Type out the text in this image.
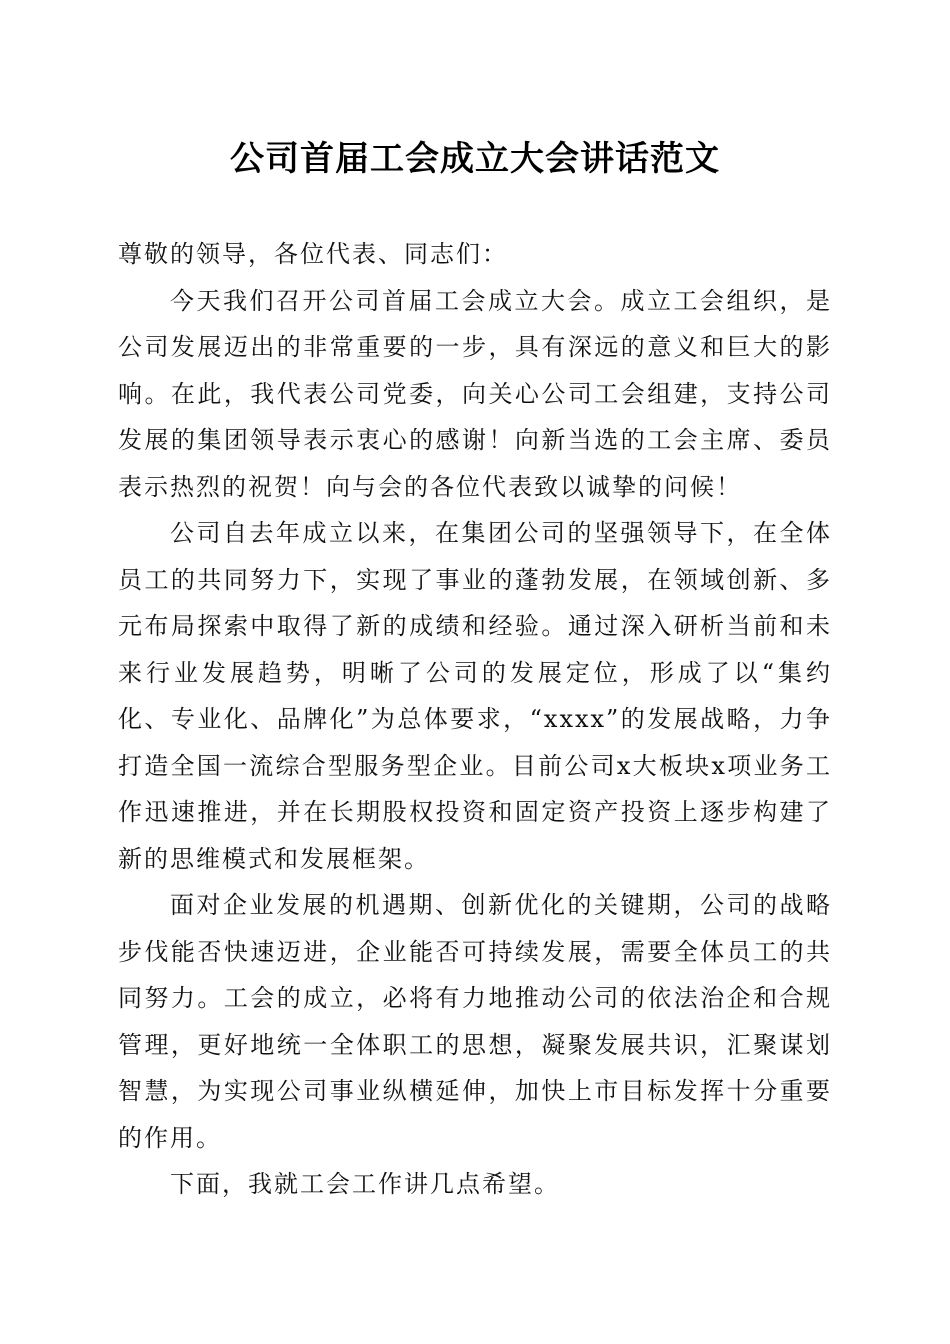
公司首届工会成立大会讲话范文

尊敬的领导，各位代表、同志们：

今天我们召开公司首届工会成立大会。成立工会组织，是公司发展迈出的非常重要的一步，具有深远的意义和巨大的影响。在此，我代表公司党委，向关心公司工会组建，支持公司发展的集团领导表示衷心的感谢！向新当选的工会主席、委员表示热烈的祝贺！向与会的各位代表致以诚挚的问候！

公司自去年成立以来，在集团公司的坚强领导下，在全体员工的共同努力下，实现了事业的蓬勃发展，在领域创新、多元布局探索中取得了新的成绩和经验。通过深入研析当前和未来行业发展趋势，明晰了公司的发展定位，形成了以“集约化、专业化、品牌化”为总体要求，“xxxx”的发展战略，力争打造全国一流综合型服务型企业。目前公司x大板块x项业务工作迅速推进，并在长期股权投资和固定资产投资上逐步构建了新的思维模式和发展框架。

面对企业发展的机遇期、创新优化的关键期，公司的战略步伐能否快速迈进，企业能否可持续发展，需要全体员工的共同努力。工会的成立，必将有力地推动公司的依法治企和合规管理，更好地统一全体职工的思想，凝聚发展共识，汇聚谋划智慧，为实现公司事业纵横延伸，加快上市目标发挥十分重要的作用。

下面，我就工会工作讲几点希望。
